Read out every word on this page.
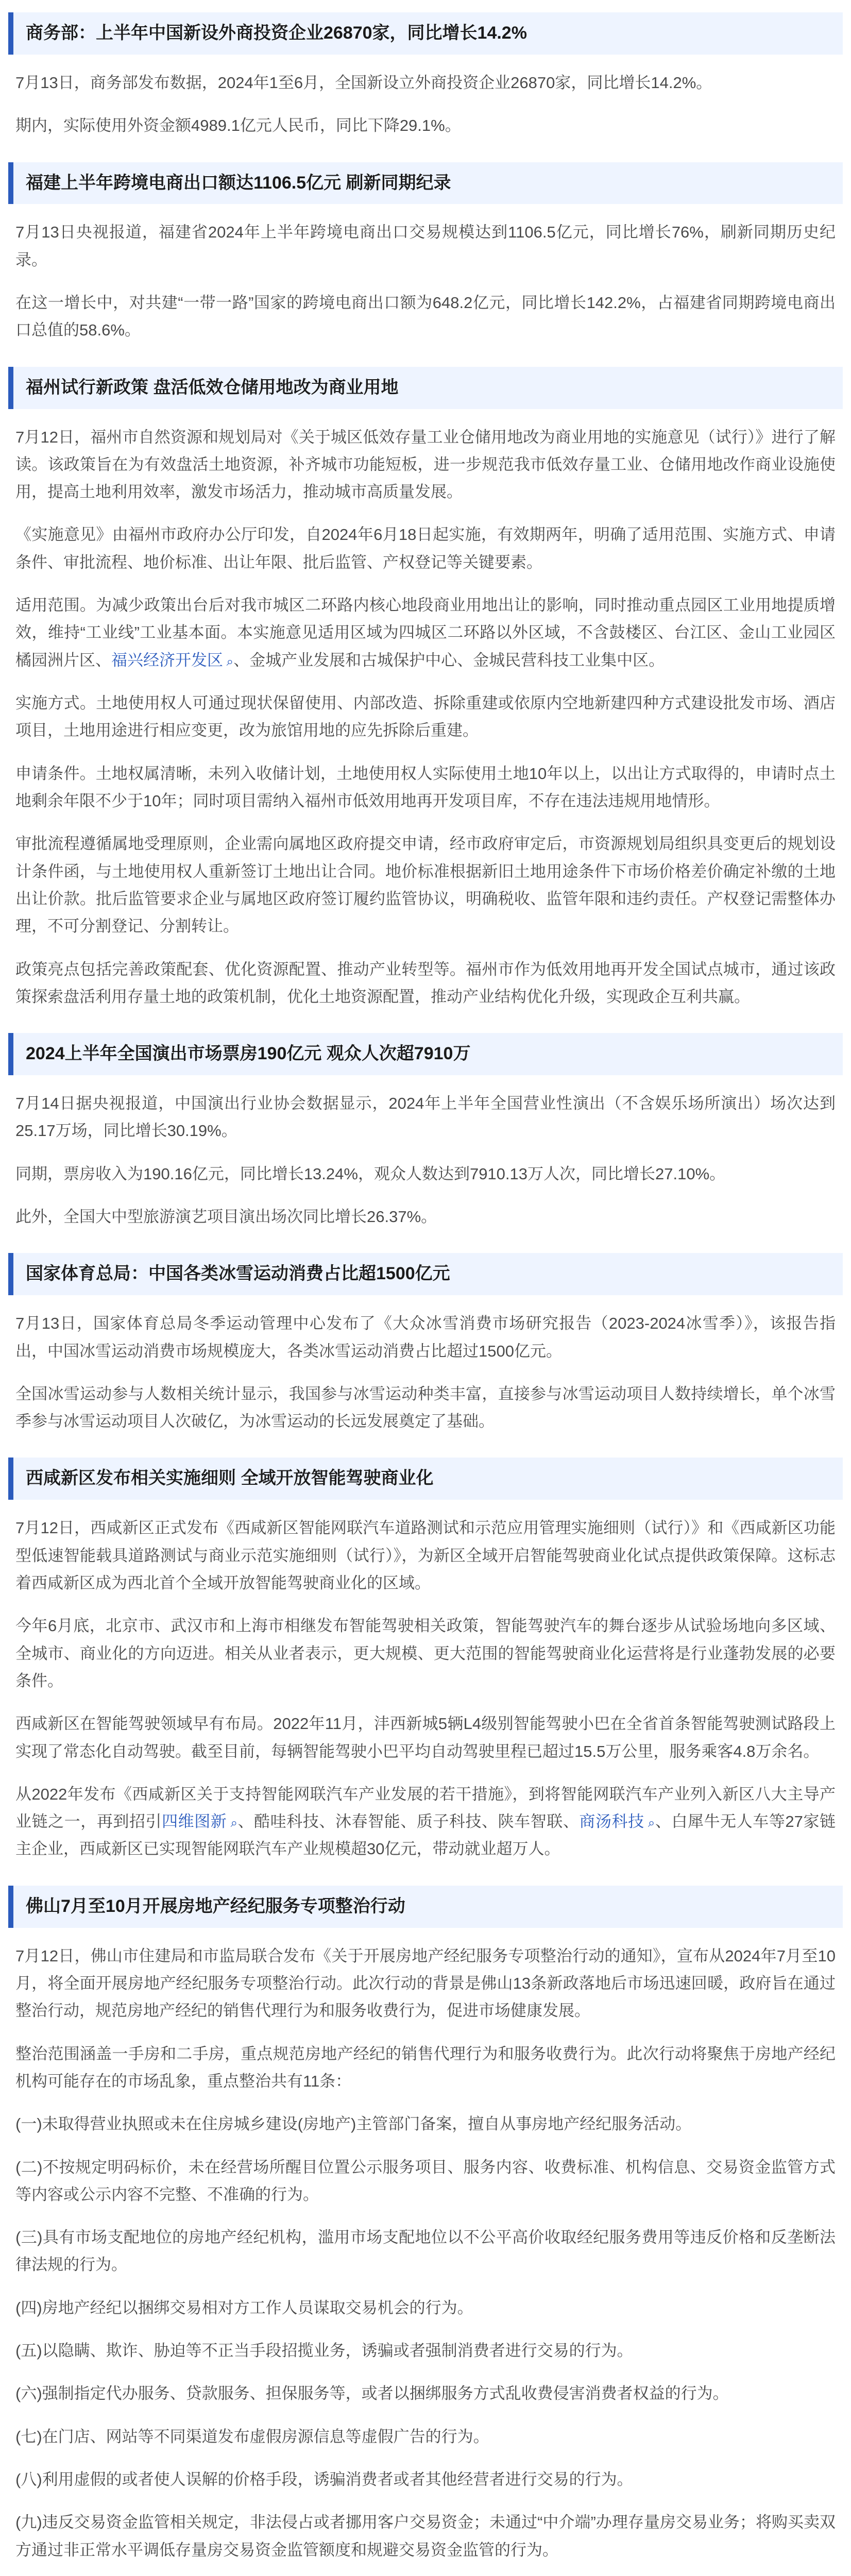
商务部：上半年中国新设外商投资企业26870家，同比增长14.2%

7月13日，商务部发布数据，2024年1至6月，全国新设立外商投资企业26870家，同比增长14.2%。

期内，实际使用外资金额4989.1亿元人民币，同比下降29.1%。

福建上半年跨境电商出口额达1106.5亿元 刷新同期纪录

7月13日央视报道，福建省2024年上半年跨境电商出口交易规模达到1106.5亿元，同比增长76%，刷新同期历史纪录。

在这一增长中，对共建“一带一路”国家的跨境电商出口额为648.2亿元，同比增长142.2%，占福建省同期跨境电商出口总值的58.6%。

福州试行新政策 盘活低效仓储用地改为商业用地

7月12日，福州市自然资源和规划局对《关于城区低效存量工业仓储用地改为商业用地的实施意见（试行）》进行了解读。该政策旨在为有效盘活土地资源，补齐城市功能短板，进一步规范我市低效存量工业、仓储用地改作商业设施使用，提高土地利用效率，激发市场活力，推动城市高质量发展。

《实施意见》由福州市政府办公厅印发，自2024年6月18日起实施，有效期两年，明确了适用范围、实施方式、申请条件、审批流程、地价标准、出让年限、批后监管、产权登记等关键要素。

适用范围。为减少政策出台后对我市城区二环路内核心地段商业用地出让的影响，同时推动重点园区工业用地提质增效，维持“工业线”工业基本面。本实施意见适用区域为四城区二环路以外区域，不含鼓楼区、台江区、金山工业园区橘园洲片区、福兴经济开发区 ⌕、金城产业发展和古城保护中心、金城民营科技工业集中区。

实施方式。土地使用权人可通过现状保留使用、内部改造、拆除重建或依原内空地新建四种方式建设批发市场、酒店项目，土地用途进行相应变更，改为旅馆用地的应先拆除后重建。

申请条件。土地权属清晰，未列入收储计划，土地使用权人实际使用土地10年以上，以出让方式取得的，申请时点土地剩余年限不少于10年；同时项目需纳入福州市低效用地再开发项目库，不存在违法违规用地情形。

审批流程遵循属地受理原则，企业需向属地区政府提交申请，经市政府审定后，市资源规划局组织具变更后的规划设计条件函，与土地使用权人重新签订土地出让合同。地价标准根据新旧土地用途条件下市场价格差价确定补缴的土地出让价款。批后监管要求企业与属地区政府签订履约监管协议，明确税收、监管年限和违约责任。产权登记需整体办理，不可分割登记、分割转让。

政策亮点包括完善政策配套、优化资源配置、推动产业转型等。福州市作为低效用地再开发全国试点城市，通过该政策探索盘活利用存量土地的政策机制，优化土地资源配置，推动产业结构优化升级，实现政企互利共赢。

2024上半年全国演出市场票房190亿元 观众人次超7910万

7月14日据央视报道，中国演出行业协会数据显示，2024年上半年全国营业性演出（不含娱乐场所演出）场次达到25.17万场，同比增长30.19%。

同期，票房收入为190.16亿元，同比增长13.24%，观众人数达到7910.13万人次，同比增长27.10%。

此外，全国大中型旅游演艺项目演出场次同比增长26.37%。

国家体育总局：中国各类冰雪运动消费占比超1500亿元

7月13日，国家体育总局冬季运动管理中心发布了《大众冰雪消费市场研究报告（2023-2024冰雪季）》，该报告指出，中国冰雪运动消费市场规模庞大，各类冰雪运动消费占比超过1500亿元。

全国冰雪运动参与人数相关统计显示，我国参与冰雪运动种类丰富，直接参与冰雪运动项目人数持续增长，单个冰雪季参与冰雪运动项目人次破亿，为冰雪运动的长远发展奠定了基础。

西咸新区发布相关实施细则 全域开放智能驾驶商业化

7月12日，西咸新区正式发布《西咸新区智能网联汽车道路测试和示范应用管理实施细则（试行）》和《西咸新区功能型低速智能载具道路测试与商业示范实施细则（试行）》，为新区全域开启智能驾驶商业化试点提供政策保障。这标志着西咸新区成为西北首个全域开放智能驾驶商业化的区域。

今年6月底，北京市、武汉市和上海市相继发布智能驾驶相关政策，智能驾驶汽车的舞台逐步从试验场地向多区域、全城市、商业化的方向迈进。相关从业者表示，更大规模、更大范围的智能驾驶商业化运营将是行业蓬勃发展的必要条件。

西咸新区在智能驾驶领域早有布局。2022年11月，沣西新城5辆L4级别智能驾驶小巴在全省首条智能驾驶测试路段上实现了常态化自动驾驶。截至目前，每辆智能驾驶小巴平均自动驾驶里程已超过15.5万公里，服务乘客4.8万余名。

从2022年发布《西咸新区关于支持智能网联汽车产业发展的若干措施》，到将智能网联汽车产业列入新区八大主导产业链之一，再到招引四维图新 ⌕、酷哇科技、沐春智能、质子科技、陕车智联、商汤科技 ⌕、白犀牛无人车等27家链主企业，西咸新区已实现智能网联汽车产业规模超30亿元，带动就业超万人。

佛山7月至10月开展房地产经纪服务专项整治行动

7月12日，佛山市住建局和市监局联合发布《关于开展房地产经纪服务专项整治行动的通知》，宣布从2024年7月至10月，将全面开展房地产经纪服务专项整治行动。此次行动的背景是佛山13条新政落地后市场迅速回暖，政府旨在通过整治行动，规范房地产经纪的销售代理行为和服务收费行为，促进市场健康发展。

整治范围涵盖一手房和二手房，重点规范房地产经纪的销售代理行为和服务收费行为。此次行动将聚焦于房地产经纪机构可能存在的市场乱象，重点整治共有11条：

(一)未取得营业执照或未在住房城乡建设(房地产)主管部门备案，擅自从事房地产经纪服务活动。

(二)不按规定明码标价，未在经营场所醒目位置公示服务项目、服务内容、收费标准、机构信息、交易资金监管方式等内容或公示内容不完整、不准确的行为。

(三)具有市场支配地位的房地产经纪机构，滥用市场支配地位以不公平高价收取经纪服务费用等违反价格和反垄断法律法规的行为。

(四)房地产经纪以捆绑交易相对方工作人员谋取交易机会的行为。

(五)以隐瞒、欺诈、胁迫等不正当手段招揽业务，诱骗或者强制消费者进行交易的行为。

(六)强制指定代办服务、贷款服务、担保服务等，或者以捆绑服务方式乱收费侵害消费者权益的行为。

(七)在门店、网站等不同渠道发布虚假房源信息等虚假广告的行为。

(八)利用虚假的或者使人误解的价格手段，诱骗消费者或者其他经营者进行交易的行为。

(九)违反交易资金监管相关规定，非法侵占或者挪用客户交易资金；未通过“中介端”办理存量房交易业务；将购买卖双方通过非正常水平调低存量房交易资金监管额度和规避交易资金监管的行为。
